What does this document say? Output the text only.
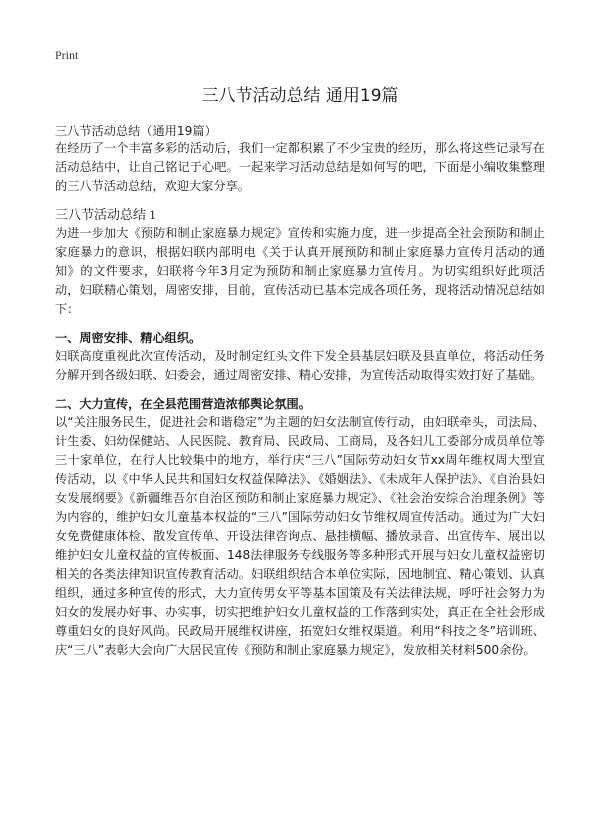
Print
三八节活动总结 通用19篇
三八节活动总结（通用19篇）

在经历了一个丰富多彩的活动后，我们一定都积累了不少宝贵的经历，那么将这些记录写在活动总结中，让自己铭记于心吧。一起来学习活动总结是如何写的吧，下面是小编收集整理的三八节活动总结，欢迎大家分享。

三八节活动总结 1

为进一步加大《预防和制止家庭暴力规定》宣传和实施力度，进一步提高全社会预防和制止家庭暴力的意识，根据妇联内部明电《关于认真开展预防和制止家庭暴力宣传月活动的通知》的文件要求，妇联将今年3月定为预防和制止家庭暴力宣传月。为切实组织好此项活动，妇联精心策划，周密安排，目前，宣传活动已基本完成各项任务，现将活动情况总结如下：

一、周密安排、精心组织。

妇联高度重视此次宣传活动，及时制定红头文件下发全县基层妇联及县直单位，将活动任务分解开到各级妇联、妇委会，通过周密安排、精心安排，为宣传活动取得实效打好了基础。

二、大力宣传，在全县范围营造浓郁舆论氛围。

以“关注服务民生，促进社会和谐稳定”为主题的妇女法制宣传行动，由妇联牵头，司法局、计生委、妇幼保健站、人民医院、教育局、民政局、工商局，及各妇儿工委部分成员单位等三十家单位，在行人比较集中的地方，举行庆“三八”国际劳动妇女节xx周年维权周大型宣传活动，以《中华人民共和国妇女权益保障法》、《婚姻法》、《未成年人保护法》、《自治县妇女发展纲要》《新疆维吾尔自治区预防和制止家庭暴力规定》、《社会治安综合治理条例》等为内容的，维护妇女儿童基本权益的“三八”国际劳动妇女节维权周宣传活动。通过为广大妇女免费健康体检、散发宣传单、开设法律咨询点、悬挂横幅、播放录音、出宣传车、展出以维护妇女儿童权益的宣传板面、148法律服务专线服务等多种形式开展与妇女儿童权益密切相关的各类法律知识宣传教育活动。妇联组织结合本单位实际，因地制宜、精心策划、认真组织，通过多种宣传的形式，大力宣传男女平等基本国策及有关法律法规，呼吁社会努力为妇女的发展办好事、办实事，切实把维护妇女儿童权益的工作落到实处，真正在全社会形成尊重妇女的良好风尚。民政局开展维权讲座，拓宽妇女维权渠道。利用“科技之冬”培训班、庆“三八”表彰大会向广大居民宣传《预防和制止家庭暴力规定》，发放相关材料500余份。
